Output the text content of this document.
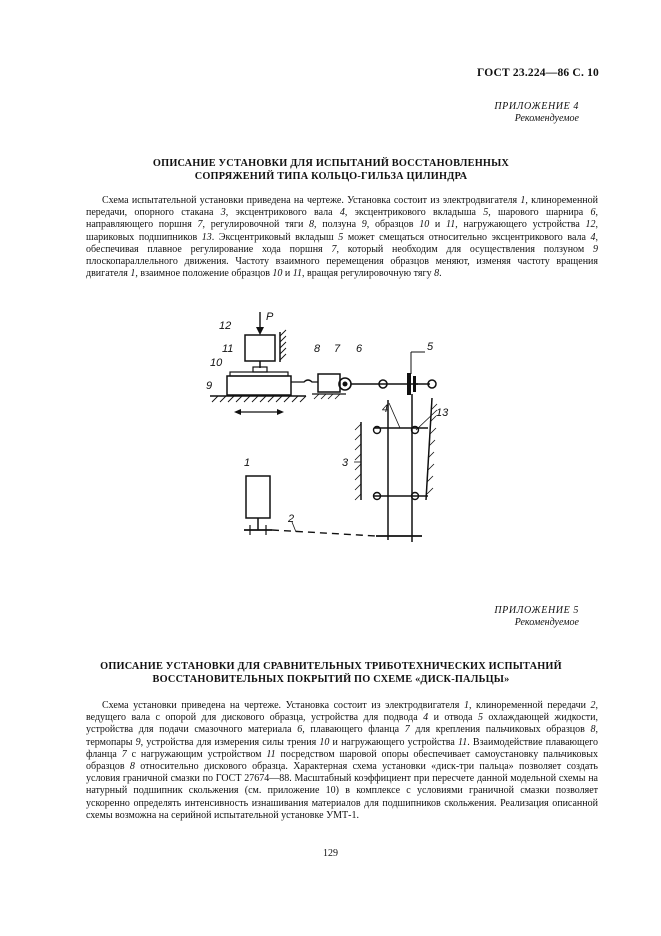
ГОСТ 23.224—86 С. 10
ПРИЛОЖЕНИЕ 4
Рекомендуемое
ОПИСАНИЕ УСТАНОВКИ ДЛЯ ИСПЫТАНИЙ ВОССТАНОВЛЕННЫХ
СОПРЯЖЕНИЙ ТИПА КОЛЬЦО-ГИЛЬЗА ЦИЛИНДРА
Схема испытательной установки приведена на чертеже. Установка состоит из электродвигателя 1, клиноременной передачи, опорного стакана 3, эксцентрикового вала 4, эксцентрикового вкладыша 5, шарового шарнира 6, направляющего поршня 7, регулировочной тяги 8, ползуна 9, образцов 10 и 11, нагружающего устройства 12, шариковых подшипников 13. Эксцентриковый вкладыш 5 может смещаться относительно эксцентрикового вала 4, обеспечивая плавное регулирование хода поршня 7, который необходим для осуществления ползуном 9 плоскопараллельного движения. Частоту взаимного перемещения образцов меняют, изменяя частоту вращения двигателя 1, взаимное положение образцов 10 и 11, вращая регулировочную тягу 8.
P
12
11
10
9
8 7 6	5
4	13
3
1
2
ПРИЛОЖЕНИЕ 5
Рекомендуемое
ОПИСАНИЕ УСТАНОВКИ ДЛЯ СРАВНИТЕЛЬНЫХ ТРИБОТЕХНИЧЕСКИХ ИСПЫТАНИЙ
ВОССТАНОВИТЕЛЬНЫХ ПОКРЫТИЙ ПО СХЕМЕ «ДИСК-ПАЛЬЦЫ»
Схема установки приведена на чертеже. Установка состоит из электродвигателя 1, клиноременной передачи 2, ведущего вала с опорой для дискового образца, устройства для подвода 4 и отвода 5 охлаждающей жидкости, устройства для подачи смазочного материала 6, плавающего фланца 7 для крепления пальчиковых образцов 8, термопары 9, устройства для измерения силы трения 10 и нагружающего устройства 11. Взаимодействие плавающего фланца 7 с нагружающим устройством 11 посредством шаровой опоры обеспечивает самоустановку пальчиковых образцов 8 относительно дискового образца. Характерная схема установки «диск-три пальца» позволяет создать условия граничной смазки по ГОСТ 27674—88. Масштабный коэффициент при пересчете данной модельной схемы на натурный подшипник скольжения (см. приложение 10) в комплексе с условиями граничной смазки позволяет ускоренно определять интенсивность изнашивания материалов для подшипников скольжения. Реализация описанной схемы возможна на серийной испытательной установке УМТ-1.
129
